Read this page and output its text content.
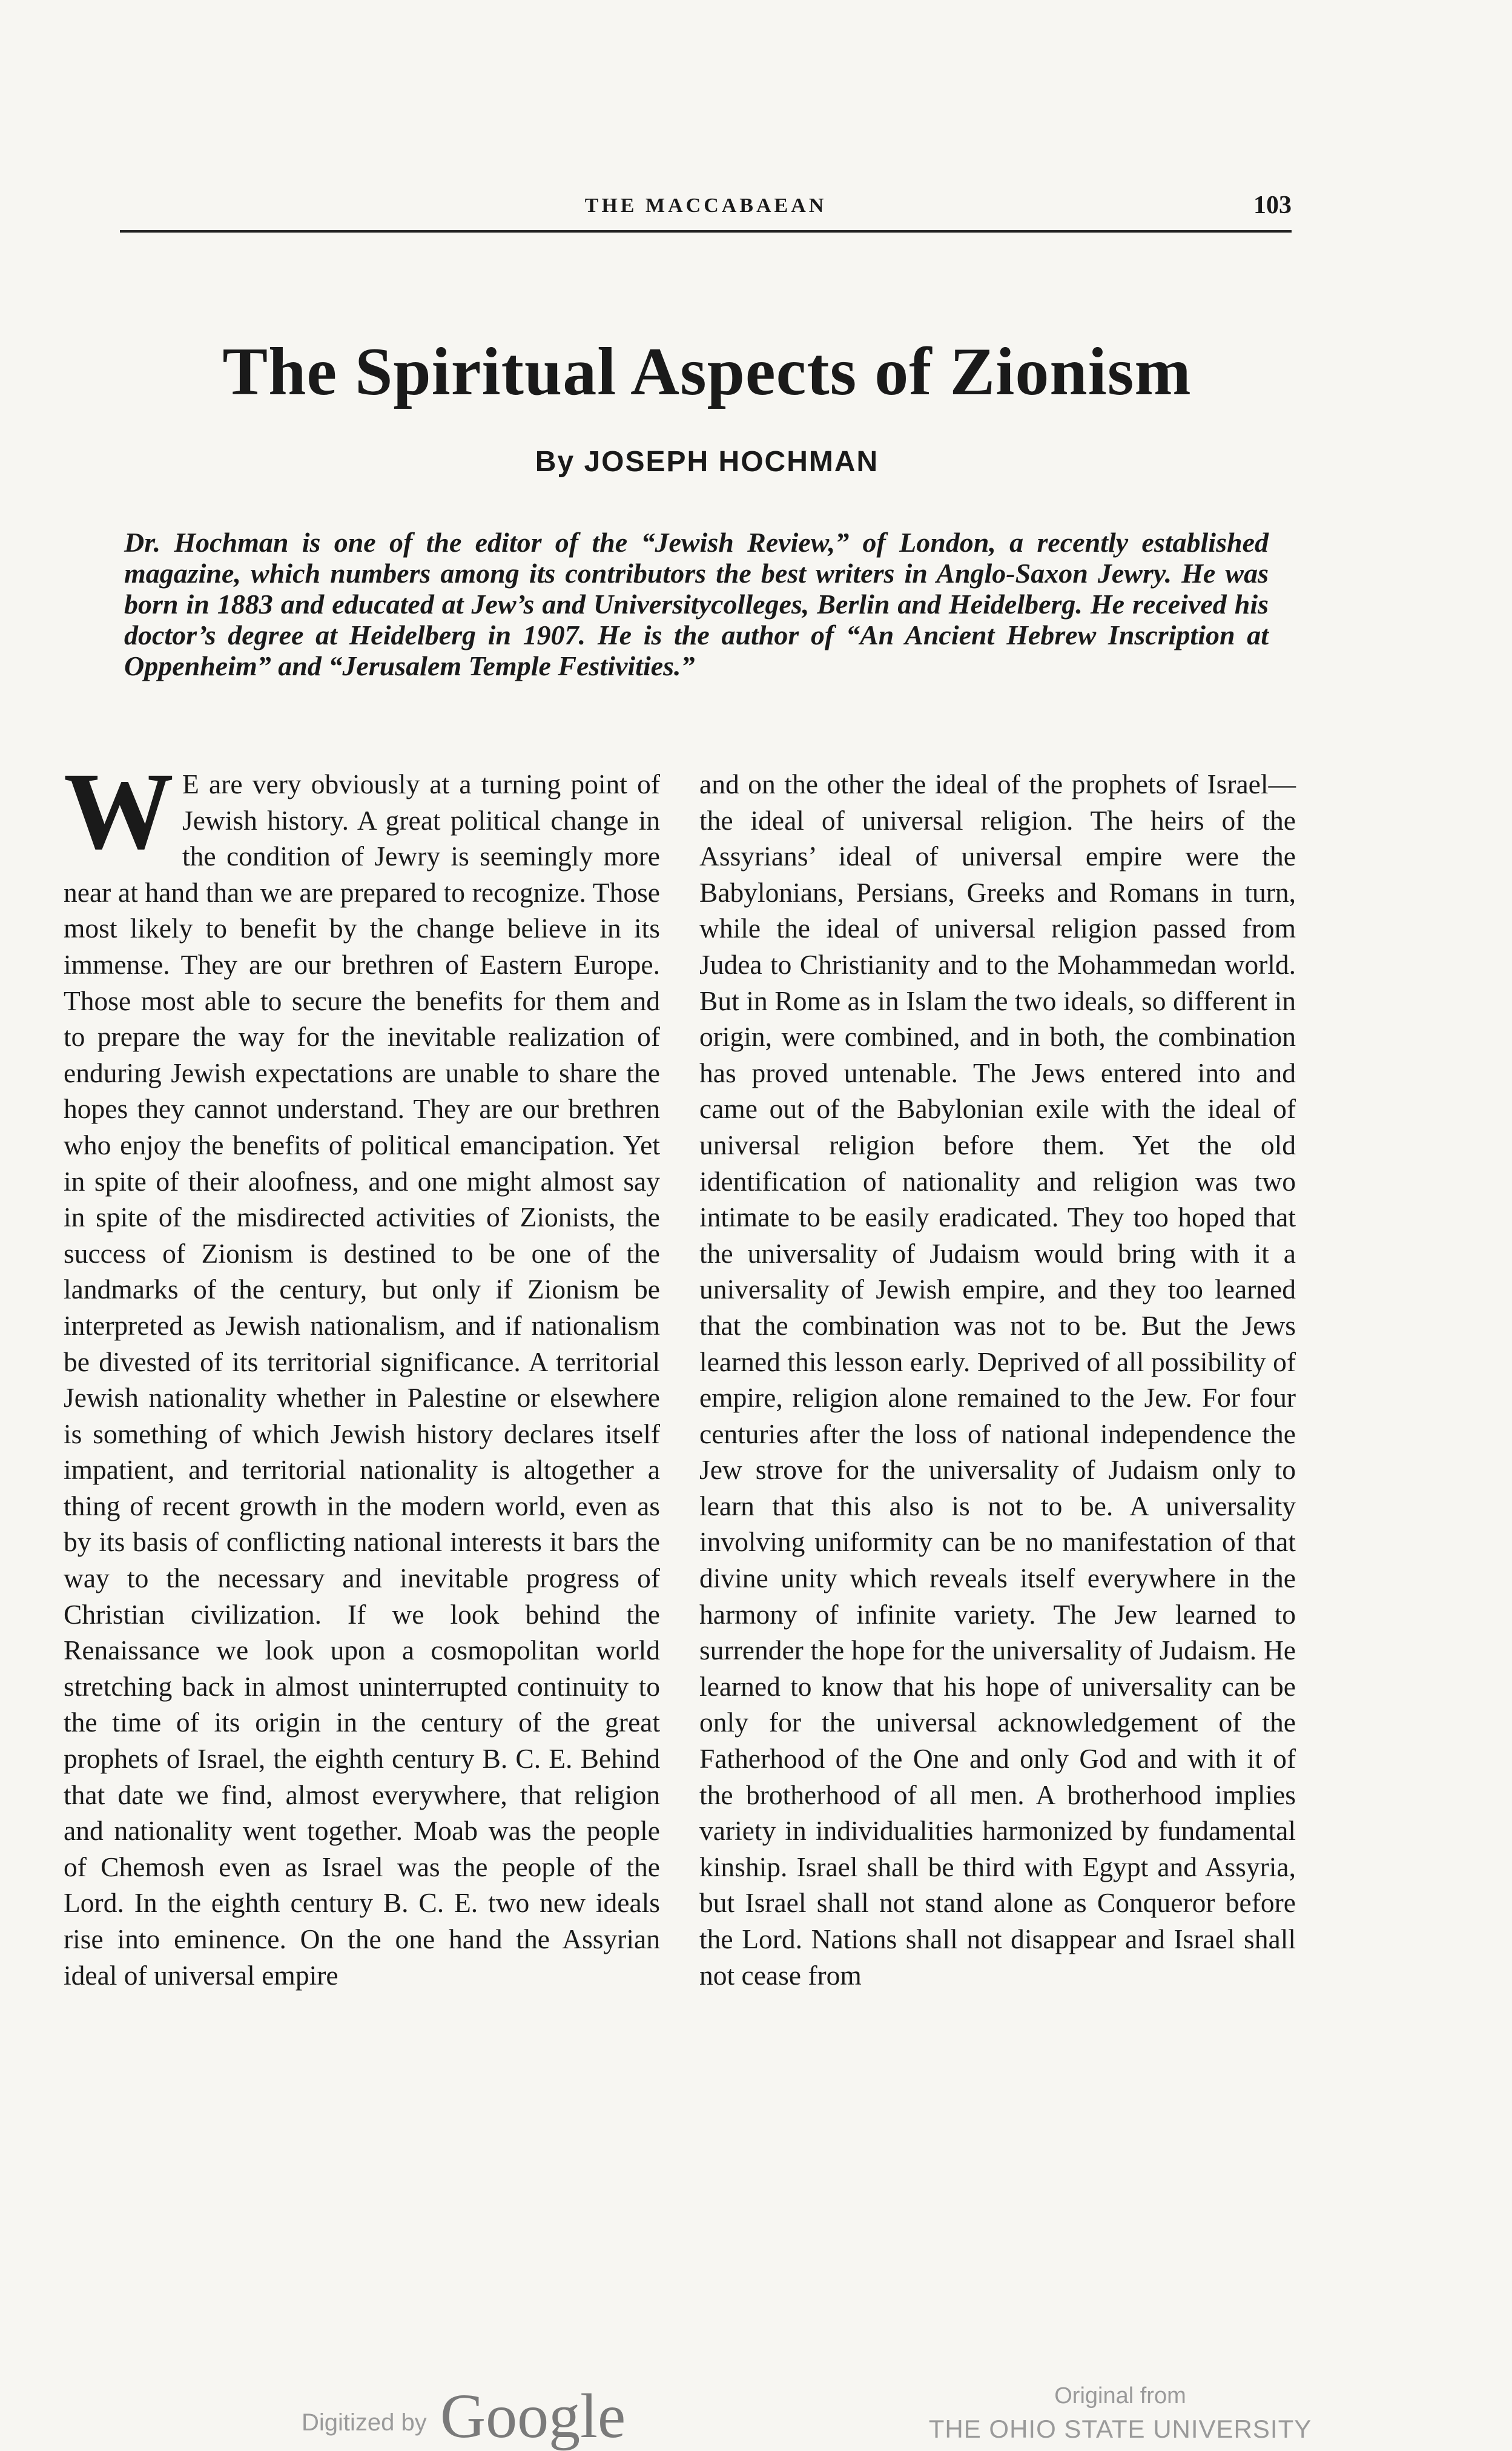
THE MACCABAEAN	103
The Spiritual Aspects of Zionism
By JOSEPH HOCHMAN

Dr. Hochman is one of the editor of the “Jewish Review,” of London, a recently established magazine, which numbers among its contributors the best writers in Anglo-Saxon Jewry. He was born in 1883 and educated at Jew’s and Universitycolleges, Berlin and Heidelberg. He received his doctor’s degree at Heidelberg in 1907. He is the author of “An Ancient Hebrew Inscription at Oppenheim” and “Jerusalem Temple Festivities.”

W E are very obviously at a turning point of Jewish history. A great political change in the condition of Jewry is seemingly more near at hand than we are prepared to recognize. Those most likely to benefit by the change believe in its immense. They are our brethren of Eastern Europe. Those most able to secure the benefits for them and to prepare the way for the inevitable realization of enduring Jewish expectations are unable to share the hopes they cannot understand. They are our brethren who enjoy the benefits of political emancipation. Yet in spite of their aloofness, and one might almost say in spite of the misdirected activities of Zionists, the success of Zionism is destined to be one of the landmarks of the century, but only if Zionism be interpreted as Jewish nationalism, and if nationalism be divested of its territorial significance. A territorial Jewish nationality whether in Palestine or elsewhere is something of which Jewish history declares itself impatient, and territorial nationality is altogether a thing of recent growth in the modern world, even as by its basis of conflicting national interests it bars the way to the necessary and inevitable progress of Christian civilization. If we look behind the Renaissance we look upon a cosmopolitan world stretching back in almost uninterrupted continuity to the time of its origin in the century of the great prophets of Israel, the eighth century B. C. E. Behind that date we find, almost everywhere, that religion and nationality went together. Moab was the people of Chemosh even as Israel was the people of the Lord. In the eighth century B. C. E. two new ideals rise into eminence. On the one hand the Assyrian ideal of universal empire
and on the other the ideal of the prophets of Israel—the ideal of universal religion. The heirs of the Assyrians’ ideal of universal empire were the Babylonians, Persians, Greeks and Romans in turn, while the ideal of universal religion passed from Judea to Christianity and to the Mohammedan world. But in Rome as in Islam the two ideals, so different in origin, were combined, and in both, the combination has proved untenable. The Jews entered into and came out of the Babylonian exile with the ideal of universal religion before them. Yet the old identification of nationality and religion was two intimate to be easily eradicated. They too hoped that the universality of Judaism would bring with it a universality of Jewish empire, and they too learned that the combination was not to be. But the Jews learned this lesson early. Deprived of all possibility of empire, religion alone remained to the Jew. For four centuries after the loss of national independence the Jew strove for the universality of Judaism only to learn that this also is not to be. A universality involving uniformity can be no manifestation of that divine unity which reveals itself everywhere in the harmony of infinite variety. The Jew learned to surrender the hope for the universality of Judaism. He learned to know that his hope of universality can be only for the universal acknowledgement of the Fatherhood of the One and only God and with it of the brotherhood of all men. A brotherhood implies variety in individualities harmonized by fundamental kinship. Israel shall be third with Egypt and Assyria, but Israel shall not stand alone as Conqueror before the Lord. Nations shall not disappear and Israel shall not cease from
Digitized by Google	Original from
THE OHIO STATE UNIVERSITY
